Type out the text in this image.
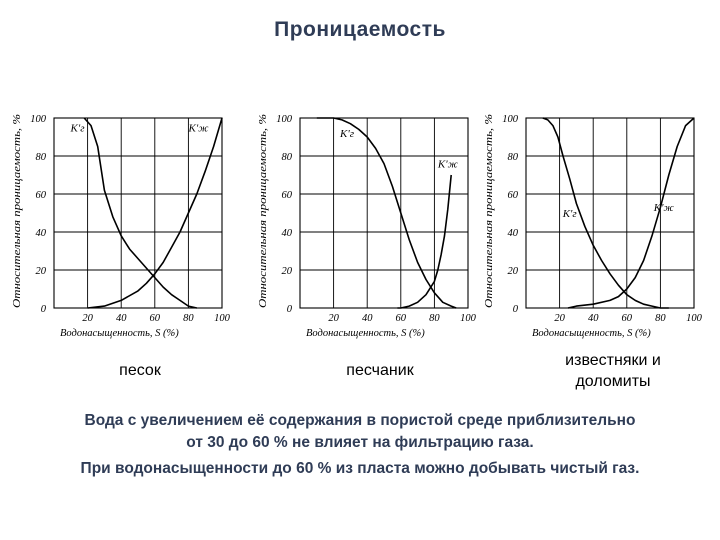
Проницаемость
0
20
40
60
80
100
20 40 60 80 100
Водонасыщенность, S (%)
Относительная проницаемость, %
K'г	K'ж
0
20
40
60
80
100
20 40 60 80 100
Водонасыщенность, S (%)
Относительная проницаемость, %
K'г
K'ж
0
20
40
60
80
100
20 40 60 80 100
Водонасыщенность, S (%)
Относительная проницаемость, %	K'г	K'ж
песок	песчаник
известняки и доломиты
Вода с увеличением её содержания в пористой среде приблизительно
от 30 до 60 % не влияет на фильтрацию газа.
При водонасыщенности до 60 % из пласта можно добывать чистый газ.
